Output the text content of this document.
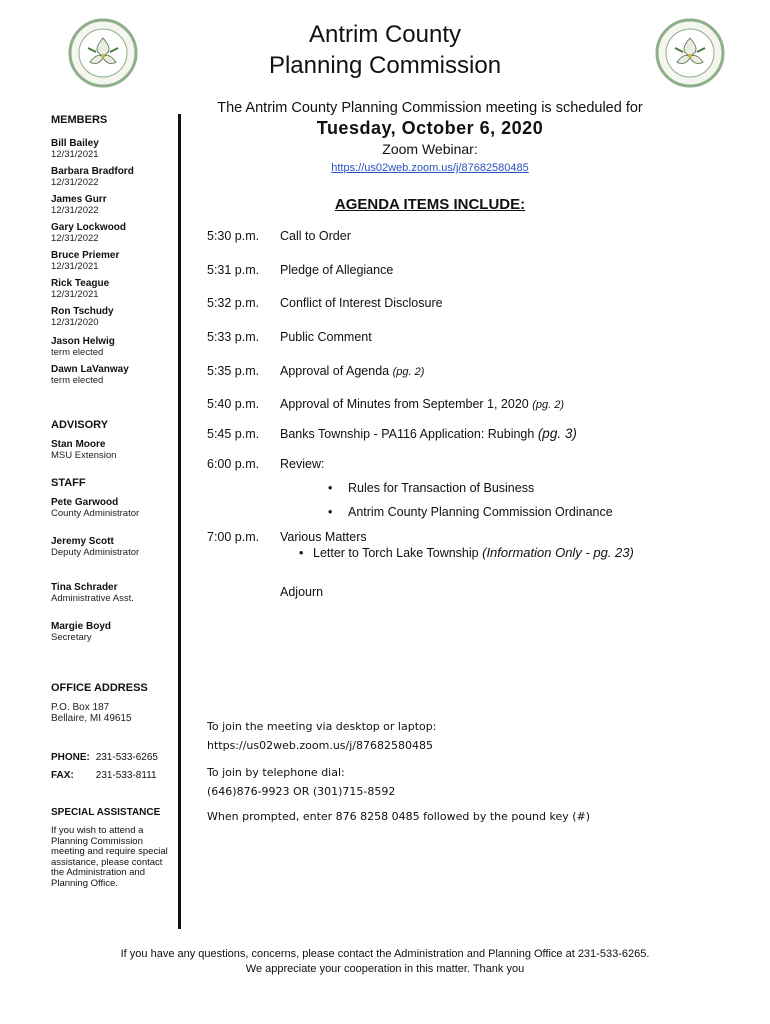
Antrim County
Planning Commission
MEMBERS
Bill Bailey
12/31/2021
Barbara Bradford
12/31/2022
James Gurr
12/31/2022
Gary Lockwood
12/31/2022
Bruce Priemer
12/31/2021
Rick Teague
12/31/2021
Ron Tschudy
12/31/2020
Jason Helwig
term elected
Dawn LaVanway
term elected
ADVISORY
Stan Moore
MSU Extension
STAFF
Pete Garwood
County Administrator
Jeremy Scott
Deputy Administrator
Tina Schrader
Administrative Asst.
Margie Boyd
Secretary
OFFICE ADDRESS
P.O. Box 187
Bellaire, MI 49615
PHONE: 231-533-6265
FAX: 231-533-8111
SPECIAL ASSISTANCE
If you wish to attend a Planning Commission meeting and require special assistance, please contact the Administration and Planning Office.
The Antrim County Planning Commission meeting is scheduled for
Tuesday, October 6, 2020
Zoom Webinar:
https://us02web.zoom.us/j/87682580485
AGENDA ITEMS INCLUDE:
5:30 p.m. Call to Order
5:31 p.m. Pledge of Allegiance
5:32 p.m. Conflict of Interest Disclosure
5:33 p.m. Public Comment
5:35 p.m. Approval of Agenda (pg. 2)
5:40 p.m. Approval of Minutes from September 1, 2020 (pg. 2)
5:45 p.m. Banks Township - PA116 Application: Rubingh (pg. 3)
6:00 p.m. Review:
• Rules for Transaction of Business
• Antrim County Planning Commission Ordinance
7:00 p.m. Various Matters
• Letter to Torch Lake Township (Information Only - pg. 23)
Adjourn
To join the meeting via desktop or laptop:
https://us02web.zoom.us/j/87682580485
To join by telephone dial:
(646)876-9923 OR (301)715-8592
When prompted, enter 876 8258 0485 followed by the pound key (#)
If you have any questions, concerns, please contact the Administration and Planning Office at 231-533-6265.
We appreciate your cooperation in this matter. Thank you
